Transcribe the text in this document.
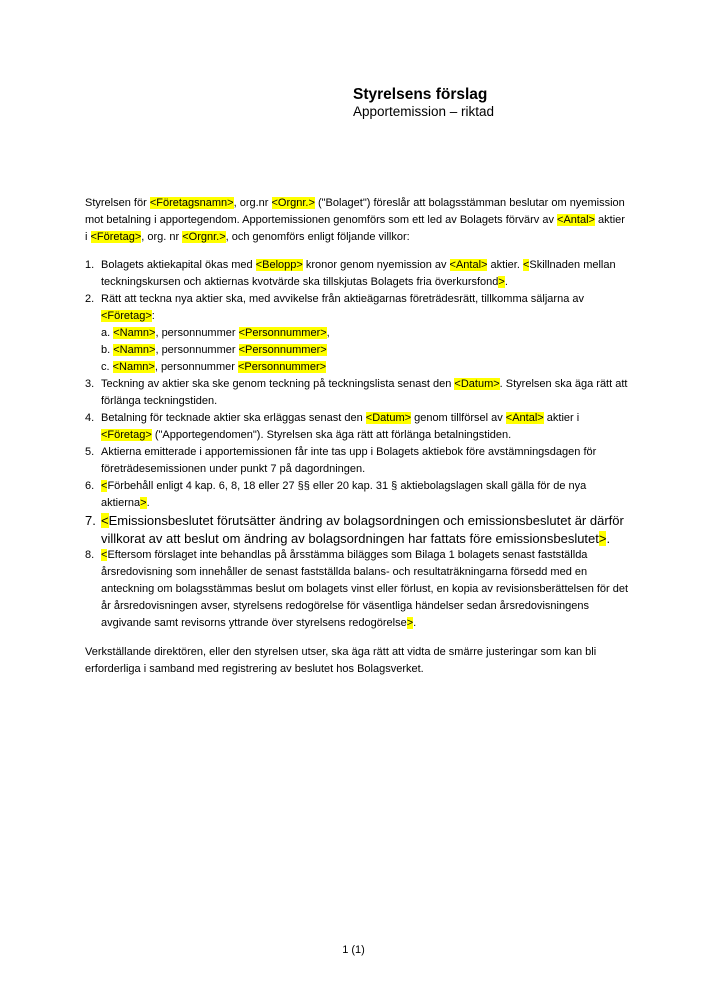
Styrelsens förslag
Apportemission – riktad

Styrelsen för <Företagsnamn>, org.nr <Orgnr.> ("Bolaget") föreslår att bolagsstämman beslutar om nyemission mot betalning i apportegendom. Apportemissionen genomförs som ett led av Bolagets förvärv av <Antal> aktier i <Företag>, org. nr <Orgnr.>, och genomförs enligt följande villkor:

1. Bolagets aktiekapital ökas med <Belopp> kronor genom nyemission av <Antal> aktier. <Skillnaden mellan teckningskursen och aktiernas kvotvärde ska tillskjutas Bolagets fria överkursfond>.
2. Rätt att teckna nya aktier ska, med avvikelse från aktieägarnas företrädesrätt, tillkomma säljarna av <Företag>:
a. <Namn>, personnummer <Personnummer>,
b. <Namn>, personnummer <Personnummer>
c. <Namn>, personnummer <Personnummer>
3. Teckning av aktier ska ske genom teckning på teckningslista senast den <Datum>. Styrelsen ska äga rätt att förlänga teckningstiden.
4. Betalning för tecknade aktier ska erläggas senast den <Datum> genom tillförsel av <Antal> aktier i <Företag> ("Apportegendomen"). Styrelsen ska äga rätt att förlänga betalningstiden.
5. Aktierna emitterade i apportemissionen får inte tas upp i Bolagets aktiebok före avstämningsdagen för företrädesemissionen under punkt 7 på dagordningen.
6. <Förbehåll enligt 4 kap. 6, 8, 18 eller 27 §§ eller 20 kap. 31 § aktiebolagslagen skall gälla för de nya aktierna>.
7. <Emissionsbeslutet förutsätter ändring av bolagsordningen och emissionsbeslutet är därför villkorat av att beslut om ändring av bolagsordningen har fattats före emissionsbeslutet>.
8. <Eftersom förslaget inte behandlas på årsstämma bilägges som Bilaga 1 bolagets senast fastställda årsredovisning som innehåller de senast fastställda balans- och resultaträkningarna försedd med en anteckning om bolagsstämmas beslut om bolagets vinst eller förlust, en kopia av revisionsberättelsen för det år årsredovisningen avser, styrelsens redogörelse för väsentliga händelser sedan årsredovisningens avgivande samt revisorns yttrande över styrelsens redogörelse>.

Verkställande direktören, eller den styrelsen utser, ska äga rätt att vidta de smärre justeringar som kan bli erforderliga i samband med registrering av beslutet hos Bolagsverket.

1 (1)
